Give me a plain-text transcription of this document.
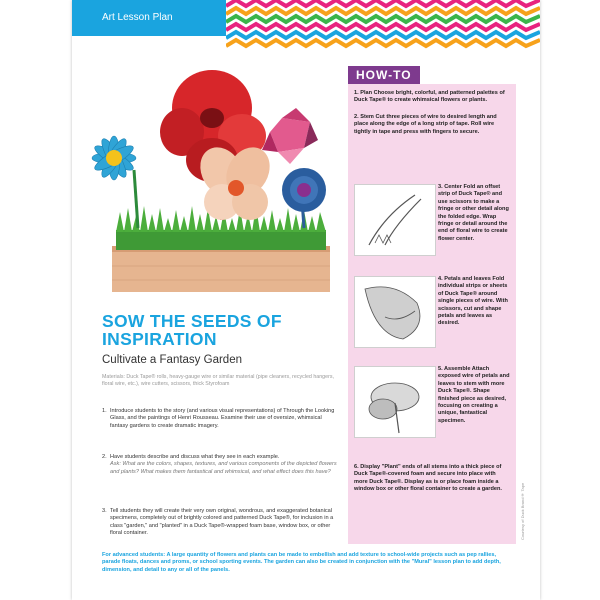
Art Lesson Plan
HOW-TO
1. Plan Choose bright, colorful, and patterned palettes of Duck Tape® to create whimsical flowers or plants.
2. Stem Cut three pieces of wire to desired length and place along the edge of a long strip of tape. Roll wire tightly in tape and press with fingers to secure.
3. Center Fold an offset strip of Duck Tape® and use scissors to make a fringe or other detail along the folded edge. Wrap fringe or detail around the end of floral wire to create flower center.
4. Petals and leaves Fold individual strips or sheets of Duck Tape® around single pieces of wire. With scissors, cut and shape petals and leaves as desired.
5. Assemble Attach exposed wire of petals and leaves to stem with more Duck Tape®. Shape finished piece as desired, focusing on creating a unique, fantastical specimen.
6. Display "Plant" ends of all stems into a thick piece of Duck Tape®-covered foam and secure into place with more Duck Tape®. Display as is or place foam inside a window box or other floral container to create a garden.	Courtesy of Duck Brand® Tape
SOW THE SEEDS OF INSPIRATION
Cultivate a Fantasy Garden
Materials: Duck Tape® rolls, heavy-gauge wire or similar material (pipe cleaners, recycled hangers, floral wire, etc.), wire cutters, scissors, thick Styrofoam
1. Introduce students to the story (and various visual representations) of Through the Looking Glass, and the paintings of Henri Rousseau. Examine their use of oversize, whimsical fantasy gardens to create dramatic imagery.
2. Have students describe and discuss what they see in each example.
Ask: What are the colors, shapes, textures, and various components of the depicted flowers and plants? What makes them fantastical and whimsical, and what effect does this have?
3. Tell students they will create their very own original, wondrous, and exaggerated botanical specimens, completely out of brightly colored and patterned Duck Tape®, for inclusion in a class "garden," and "planted" in a Duck Tape®-wrapped foam base, window box, or other floral container.
For advanced students: A large quantity of flowers and plants can be made to embellish and add texture to school-wide projects such as pep rallies, parade floats, dances and proms, or school sporting events. The garden can also be created in conjunction with the "Mural" lesson plan to add depth, dimension, and detail to any or all of the panels.
